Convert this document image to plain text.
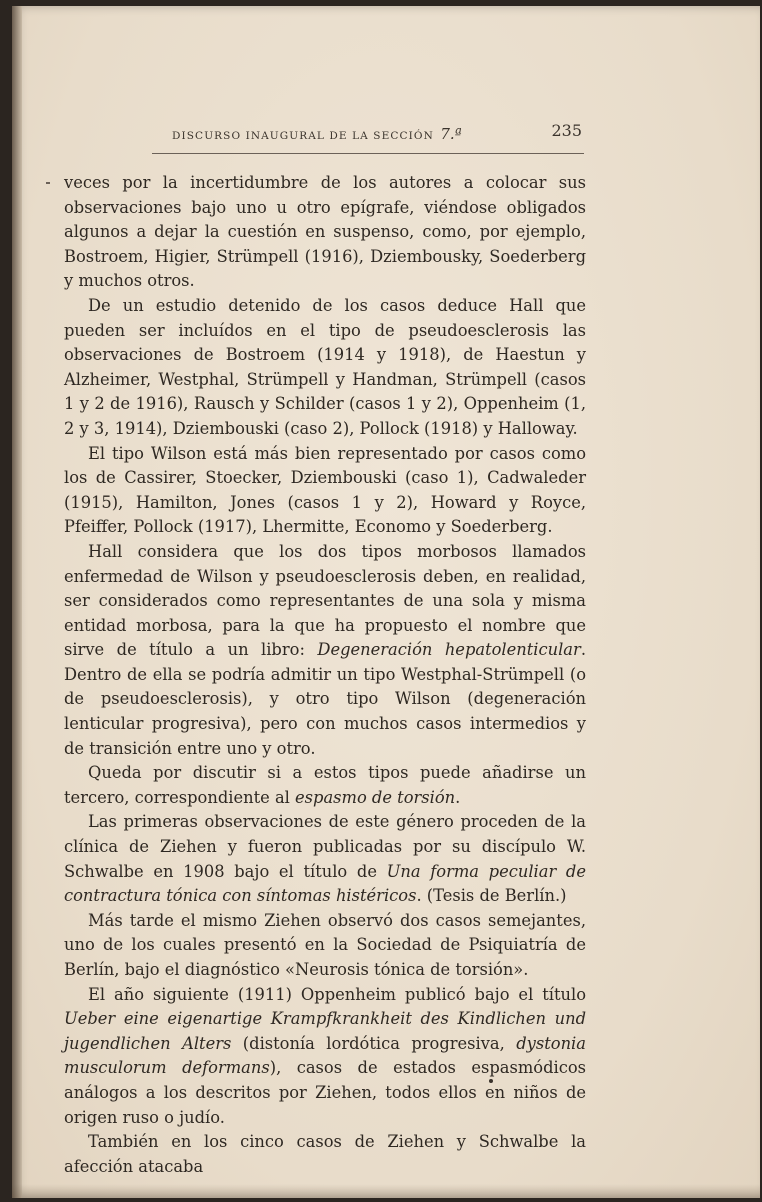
DISCURSO INAUGURAL DE LA SECCIÓN 7.ª	235

veces por la incertidumbre de los autores a colocar sus observaciones bajo uno u otro epígrafe, viéndose obligados algunos a dejar la cuestión en suspenso, como, por ejemplo, Bostroem, Higier, Strümpell (1916), Dziembousky, Soederberg y muchos otros.

De un estudio detenido de los casos deduce Hall que pueden ser incluídos en el tipo de pseudoesclerosis las observaciones de Bostroem (1914 y 1918), de Haestun y Alzheimer, Westphal, Strümpell y Handman, Strümpell (casos 1 y 2 de 1916), Rausch y Schilder (casos 1 y 2), Oppenheim (1, 2 y 3, 1914), Dziembouski (caso 2), Pollock (1918) y Halloway.

El tipo Wilson está más bien representado por casos como los de Cassirer, Stoecker, Dziembouski (caso 1), Cadwaleder (1915), Hamilton, Jones (casos 1 y 2), Howard y Royce, Pfeiffer, Pollock (1917), Lhermitte, Economo y Soederberg.

Hall considera que los dos tipos morbosos llamados enfermedad de Wilson y pseudoesclerosis deben, en realidad, ser considerados como representantes de una sola y misma entidad morbosa, para la que ha propuesto el nombre que sirve de título a un libro: Degeneración hepatolenticular. Dentro de ella se podría admitir un tipo Westphal-Strümpell (o de pseudoesclerosis), y otro tipo Wilson (degeneración lenticular progresiva), pero con muchos casos intermedios y de transición entre uno y otro.

Queda por discutir si a estos tipos puede añadirse un tercero, correspondiente al espasmo de torsión.

Las primeras observaciones de este género proceden de la clínica de Ziehen y fueron publicadas por su discípulo W. Schwalbe en 1908 bajo el título de Una forma peculiar de contractura tónica con síntomas histéricos. (Tesis de Berlín.)

Más tarde el mismo Ziehen observó dos casos semejantes, uno de los cuales presentó en la Sociedad de Psiquiatría de Berlín, bajo el diagnóstico «Neurosis tónica de torsión».

El año siguiente (1911) Oppenheim publicó bajo el título Ueber eine eigenartige Krampfkrankheit des Kindlichen und jugendlichen Alters (distonía lordótica progresiva, dystonia musculorum deformans), casos de estados espasmódicos análogos a los descritos por Ziehen, todos ellos en niños de origen ruso o judío.

También en los cinco casos de Ziehen y Schwalbe la afección atacaba
